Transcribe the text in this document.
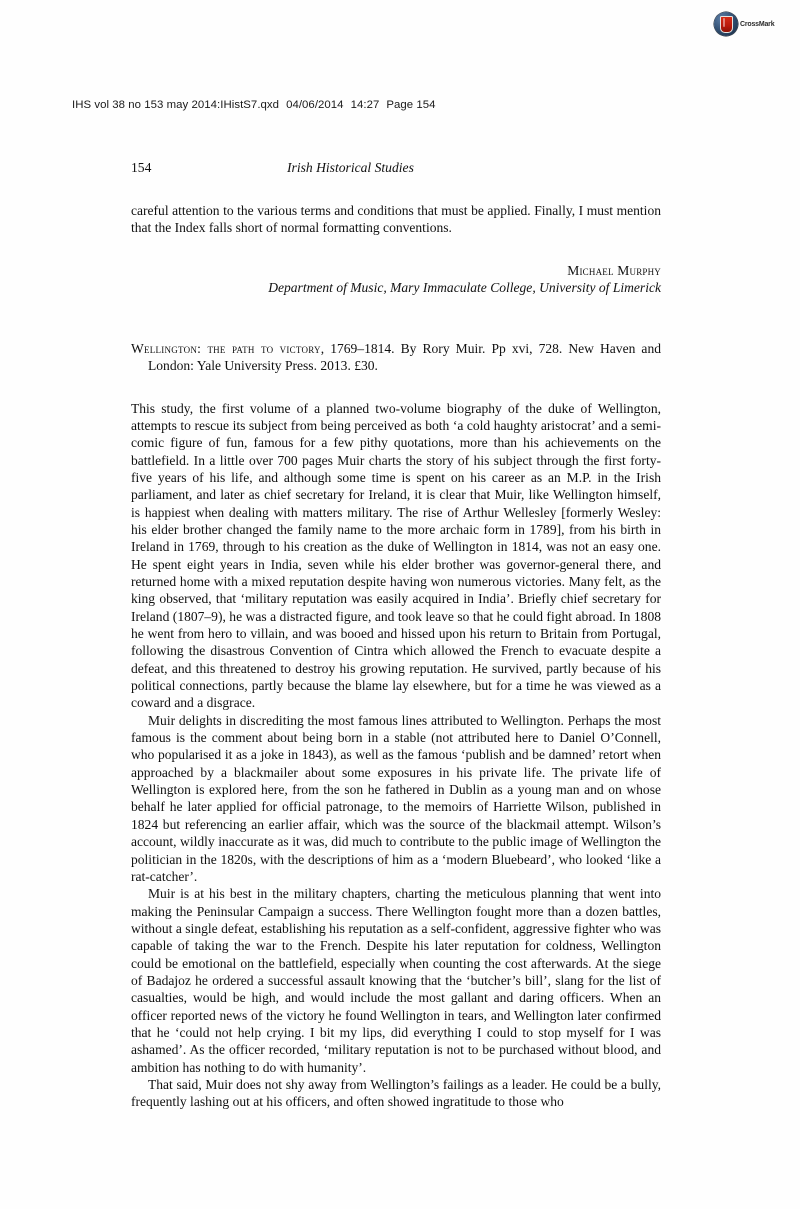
CrossMark
IHS vol 38 no 153 may 2014:IHistS7.qxd 04/06/2014 14:27 Page 154
154	Irish Historical Studies

careful attention to the various terms and conditions that must be applied. Finally, I must mention that the Index falls short of normal formatting conventions.

Michael Murphy
Department of Music, Mary Immaculate College, University of Limerick
Wellington: the path to victory, 1769–1814. By Rory Muir. Pp xvi, 728. New Haven and London: Yale University Press. 2013. £30.

This study, the first volume of a planned two-volume biography of the duke of Wellington, attempts to rescue its subject from being perceived as both ‘a cold haughty aristocrat’ and a semi-comic figure of fun, famous for a few pithy quotations, more than his achievements on the battlefield. In a little over 700 pages Muir charts the story of his subject through the first forty-five years of his life, and although some time is spent on his career as an M.P. in the Irish parliament, and later as chief secretary for Ireland, it is clear that Muir, like Wellington himself, is happiest when dealing with matters military. The rise of Arthur Wellesley [formerly Wesley: his elder brother changed the family name to the more archaic form in 1789], from his birth in Ireland in 1769, through to his creation as the duke of Wellington in 1814, was not an easy one. He spent eight years in India, seven while his elder brother was governor-general there, and returned home with a mixed reputation despite having won numerous victories. Many felt, as the king observed, that ‘military reputation was easily acquired in India’. Briefly chief secretary for Ireland (1807–9), he was a distracted figure, and took leave so that he could fight abroad. In 1808 he went from hero to villain, and was booed and hissed upon his return to Britain from Portugal, following the disastrous Convention of Cintra which allowed the French to evacuate despite a defeat, and this threatened to destroy his growing reputation. He survived, partly because of his political connections, partly because the blame lay elsewhere, but for a time he was viewed as a coward and a disgrace.

Muir delights in discrediting the most famous lines attributed to Wellington. Perhaps the most famous is the comment about being born in a stable (not attributed here to Daniel O’Connell, who popularised it as a joke in 1843), as well as the famous ‘publish and be damned’ retort when approached by a blackmailer about some exposures in his private life. The private life of Wellington is explored here, from the son he fathered in Dublin as a young man and on whose behalf he later applied for official patronage, to the memoirs of Harriette Wilson, published in 1824 but referencing an earlier affair, which was the source of the blackmail attempt. Wilson’s account, wildly inaccurate as it was, did much to contribute to the public image of Wellington the politician in the 1820s, with the descriptions of him as a ‘modern Bluebeard’, who looked ‘like a rat-catcher’.

Muir is at his best in the military chapters, charting the meticulous planning that went into making the Peninsular Campaign a success. There Wellington fought more than a dozen battles, without a single defeat, establishing his reputation as a self-confident, aggressive fighter who was capable of taking the war to the French. Despite his later reputation for coldness, Wellington could be emotional on the battlefield, especially when counting the cost afterwards. At the siege of Badajoz he ordered a successful assault knowing that the ‘butcher’s bill’, slang for the list of casualties, would be high, and would include the most gallant and daring officers. When an officer reported news of the victory he found Wellington in tears, and Wellington later confirmed that he ‘could not help crying. I bit my lips, did everything I could to stop myself for I was ashamed’. As the officer recorded, ‘military reputation is not to be purchased without blood, and ambition has nothing to do with humanity’.

That said, Muir does not shy away from Wellington’s failings as a leader. He could be a bully, frequently lashing out at his officers, and often showed ingratitude to those who
